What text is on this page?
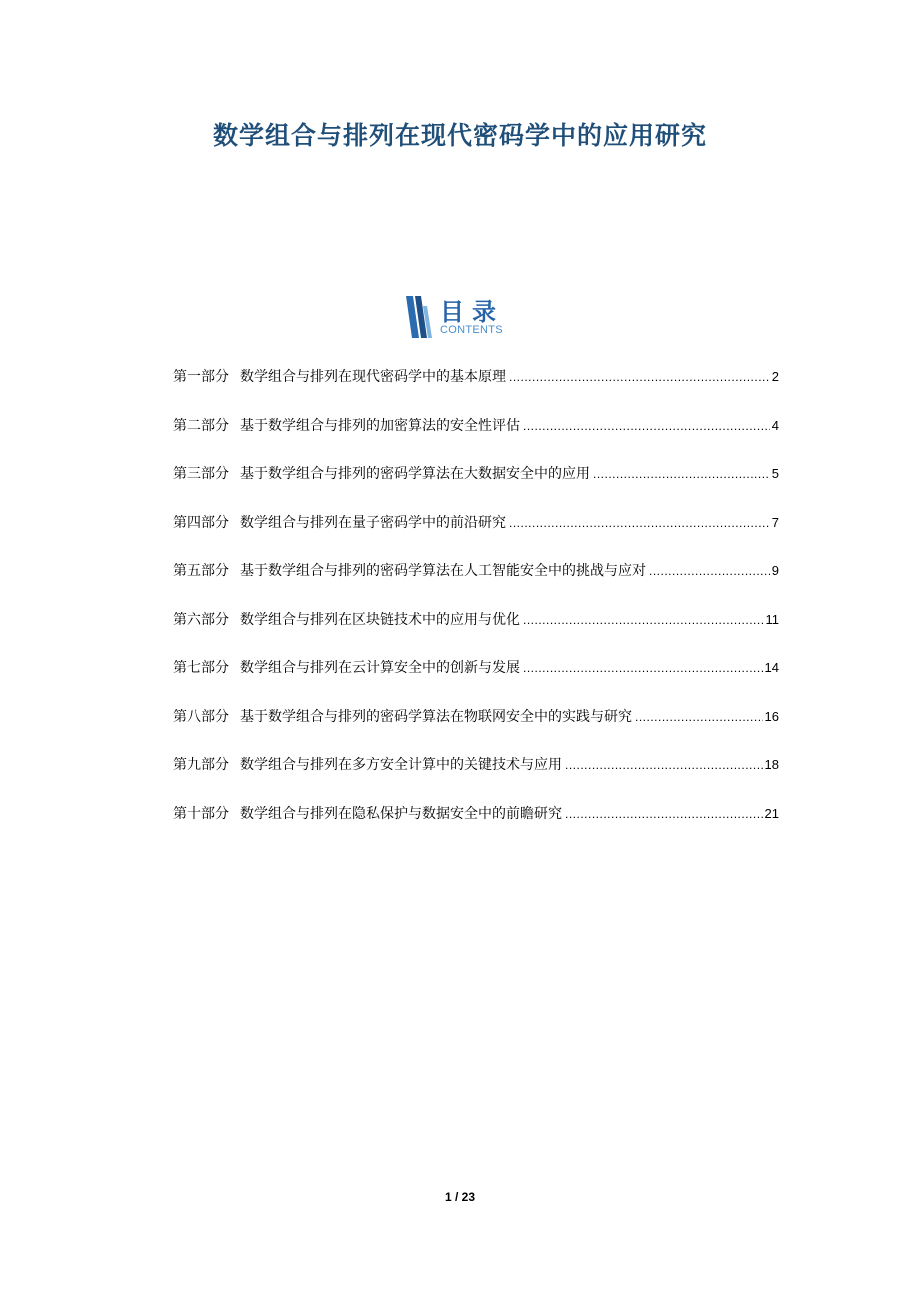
数学组合与排列在现代密码学中的应用研究
目录
CONTENTS
第一部分 数学组合与排列在现代密码学中的基本原理 .....	2
第二部分 基于数学组合与排列的加密算法的安全性评估 .....	4
第三部分 基于数学组合与排列的密码学算法在大数据安全中的应用 .....	5
第四部分 数学组合与排列在量子密码学中的前沿研究 .....	7
第五部分 基于数学组合与排列的密码学算法在人工智能安全中的挑战与应对 .....	9
第六部分 数学组合与排列在区块链技术中的应用与优化 .....	11
第七部分 数学组合与排列在云计算安全中的创新与发展 .....	14
第八部分 基于数学组合与排列的密码学算法在物联网安全中的实践与研究 .....	16
第九部分 数学组合与排列在多方安全计算中的关键技术与应用 .....	18
第十部分 数学组合与排列在隐私保护与数据安全中的前瞻研究 .....	21
1 / 23
